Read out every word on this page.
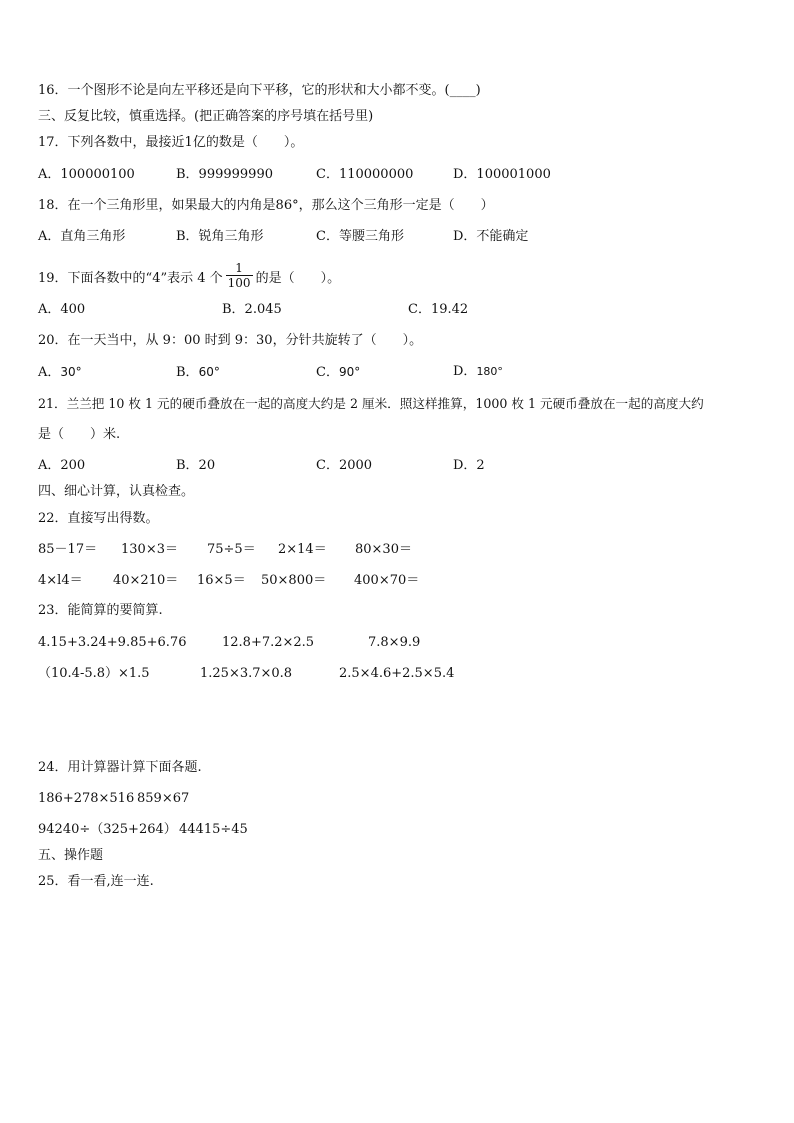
16．一个图形不论是向左平移还是向下平移，它的形状和大小都不变。(____)
三、反复比较，慎重选择。(把正确答案的序号填在括号里)
17．下列各数中，最接近1亿的数是（　　）。
A．100000100	B．999999990	C．110000000	D．100001000
18．在一个三角形里，如果最大的内角是86°，那么这个三角形一定是（　　）
A．直角三角形	B．锐角三角形	C．等腰三角形	D．不能确定
19．下面各数中的“4”表示 4 个 $\frac{1}{100}$ 的是（　　）。
A．400	B．2.045	C．19.42
20．在一天当中，从 9：00 时到 9：30，分针共旋转了（　　）。
A．30°	B．60°	C．90°	D．180°
21．兰兰把 10 枚 1 元的硬币叠放在一起的高度大约是 2 厘米．照这样推算，1000 枚 1 元硬币叠放在一起的高度大约
是（　　）米.
A．200	B．20	C．2000	D．2
四、细心计算，认真检查。
22．直接写出得数。
85－17＝ 130×3＝ 75÷5＝ 2×14＝ 80×30＝
4×l4＝ 40×210＝ 16×5＝ 50×800＝ 400×70＝
23．能简算的要简算.
4.15+3.24+9.85+6.76	12.8+7.2×2.5	7.8×9.9
（10.4-5.8）×1.5	1.25×3.7×0.8	2.5×4.6+2.5×5.4
24．用计算器计算下面各题.
186+278×516 859×67
94240÷（325+264） 44415÷45
五、操作题
25．看一看,连一连.
